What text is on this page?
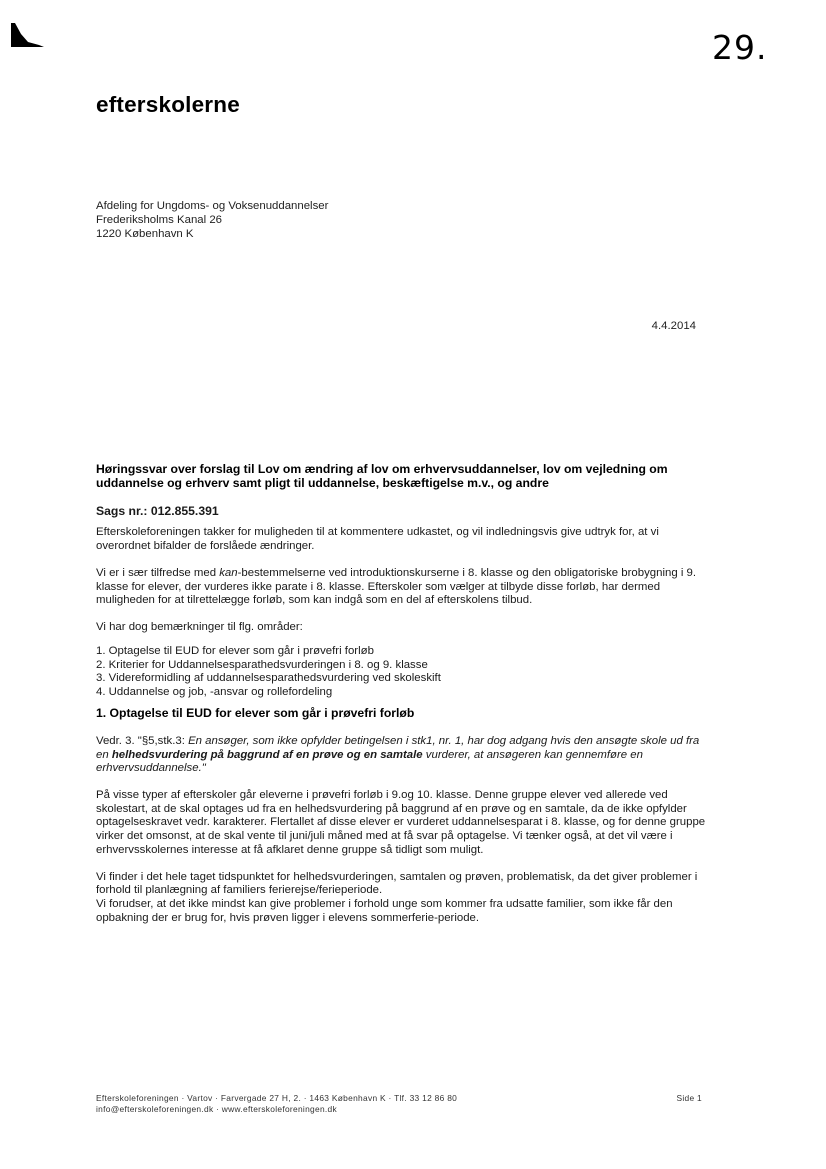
29.
efterskolerne
Afdeling for Ungdoms- og Voksenuddannelser
Frederiksholms Kanal 26
1220 København K
4.4.2014

Høringssvar over forslag til Lov om ændring af lov om erhvervsuddannelser, lov om vejledning om uddannelse og erhverv samt pligt til uddannelse, beskæftigelse m.v., og andre

Sags nr.: 012.855.391

Efterskoleforeningen takker for muligheden til at kommentere udkastet, og vil indledningsvis give udtryk for, at vi overordnet bifalder de forslåede ændringer.

Vi er i sær tilfredse med kan-bestemmelserne ved introduktionskurserne i 8. klasse og den obligatoriske brobygning i 9. klasse for elever, der vurderes ikke parate i 8. klasse. Efterskoler som vælger at tilbyde disse forløb, har dermed muligheden for at tilrettelægge forløb, som kan indgå som en del af efterskolens tilbud.

Vi har dog bemærkninger til flg. områder:

1. Optagelse til EUD for elever som går i prøvefri forløb
2. Kriterier for Uddannelsesparathedsvurderingen i 8. og 9. klasse
3. Videreformidling af uddannelsesparathedsvurdering ved skoleskift
4. Uddannelse og job, -ansvar og rollefordeling

1. Optagelse til EUD for elever som går i prøvefri forløb

Vedr. 3. "§5,stk.3: En ansøger, som ikke opfylder betingelsen i stk1, nr. 1, har dog adgang hvis den ansøgte skole ud fra en helhedsvurdering på baggrund af en prøve og en samtale vurderer, at ansøgeren kan gennemføre en erhvervsuddannelse."

På visse typer af efterskoler går eleverne i prøvefri forløb i 9.og 10. klasse. Denne gruppe elever ved allerede ved skolestart, at de skal optages ud fra en helhedsvurdering på baggrund af en prøve og en samtale, da de ikke opfylder optagelseskravet vedr. karakterer. Flertallet af disse elever er vurderet uddannelsesparat i 8. klasse, og for denne gruppe virker det omsonst, at de skal vente til juni/juli måned med at få svar på optagelse. Vi tænker også, at det vil være i erhvervsskolernes interesse at få afklaret denne gruppe så tidligt som muligt.

Vi finder i det hele taget tidspunktet for helhedsvurderingen, samtalen og prøven, problematisk, da det giver problemer i forhold til planlægning af familiers ferierejse/ferieperiode.

Vi forudser, at det ikke mindst kan give problemer i forhold unge som kommer fra udsatte familier, som ikke får den opbakning der er brug for, hvis prøven ligger i elevens sommerferie-periode.

Efterskoleforeningen · Vartov · Farvergade 27 H, 2. · 1463 København K · Tlf. 33 12 86 80
info@efterskoleforeningen.dk · www.efterskoleforeningen.dk
Side 1
